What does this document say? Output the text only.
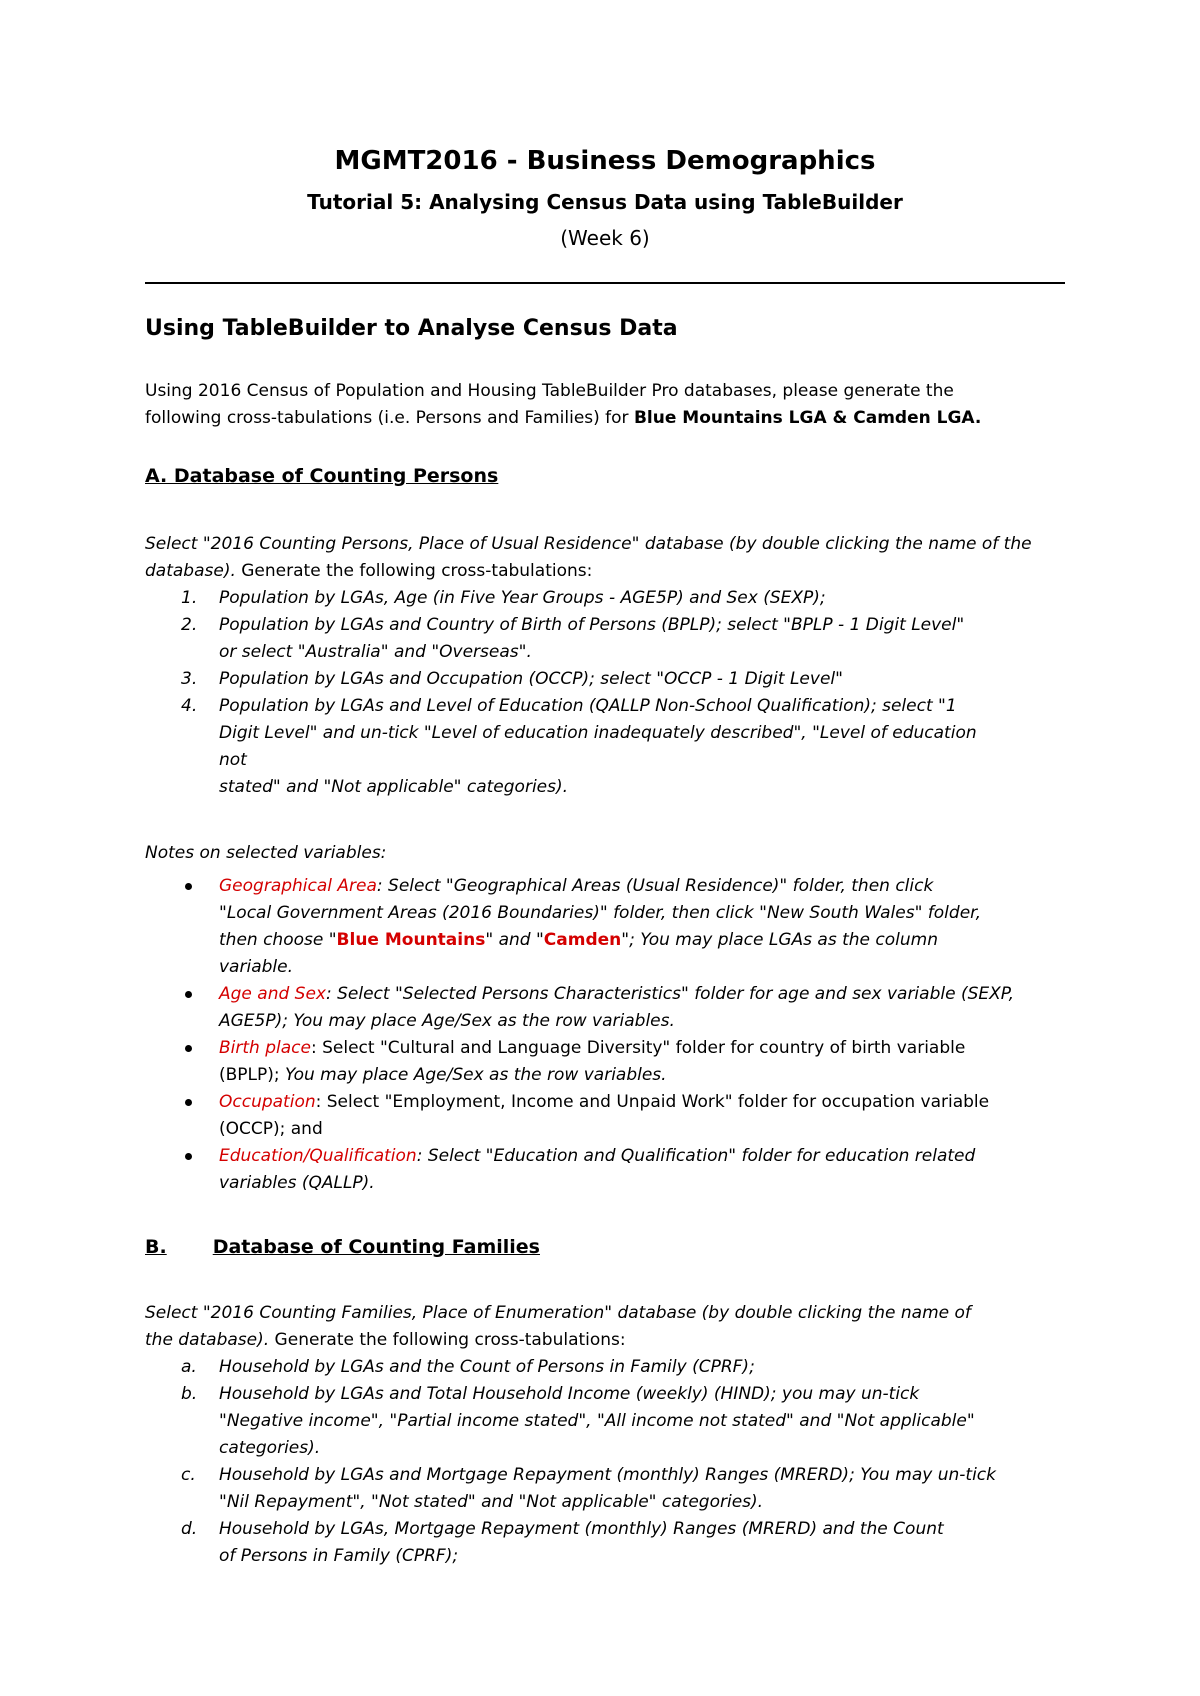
MGMT2016 - Business Demographics
Tutorial 5: Analysing Census Data using TableBuilder
(Week 6)
Using TableBuilder to Analyse Census Data
Using 2016 Census of Population and Housing TableBuilder Pro databases, please generate the
following cross-tabulations (i.e. Persons and Families) for Blue Mountains LGA & Camden LGA.
A. Database of Counting Persons
Select "2016 Counting Persons, Place of Usual Residence" database (by double clicking the name of the
database). Generate the following cross-tabulations:
1.	Population by LGAs, Age (in Five Year Groups - AGE5P) and Sex (SEXP);
2.	Population by LGAs and Country of Birth of Persons (BPLP); select "BPLP - 1 Digit Level"
or select "Australia" and "Overseas".
3.	Population by LGAs and Occupation (OCCP); select "OCCP - 1 Digit Level"
4.	Population by LGAs and Level of Education (QALLP Non-School Qualification); select "1
Digit Level" and un-tick "Level of education inadequately described", "Level of education
not
stated" and "Not applicable" categories).
Notes on selected variables:
Geographical Area: Select "Geographical Areas (Usual Residence)" folder, then click
"Local Government Areas (2016 Boundaries)" folder, then click "New South Wales" folder,
then choose "Blue Mountains" and "Camden"; You may place LGAs as the column
variable.
Age and Sex: Select "Selected Persons Characteristics" folder for age and sex variable (SEXP,
AGE5P); You may place Age/Sex as the row variables.
Birth place: Select "Cultural and Language Diversity" folder for country of birth variable
(BPLP); You may place Age/Sex as the row variables.
Occupation: Select "Employment, Income and Unpaid Work" folder for occupation variable
(OCCP); and
Education/Qualification: Select "Education and Qualification" folder for education related
variables (QALLP).
B. Database of Counting Families
Select "2016 Counting Families, Place of Enumeration" database (by double clicking the name of
the database). Generate the following cross-tabulations:
a.	Household by LGAs and the Count of Persons in Family (CPRF);
b.	Household by LGAs and Total Household Income (weekly) (HIND); you may un-tick
"Negative income", "Partial income stated", "All income not stated" and "Not applicable"
categories).
c.	Household by LGAs and Mortgage Repayment (monthly) Ranges (MRERD); You may un-tick
"Nil Repayment", "Not stated" and "Not applicable" categories).
d.	Household by LGAs, Mortgage Repayment (monthly) Ranges (MRERD) and the Count
of Persons in Family (CPRF);
